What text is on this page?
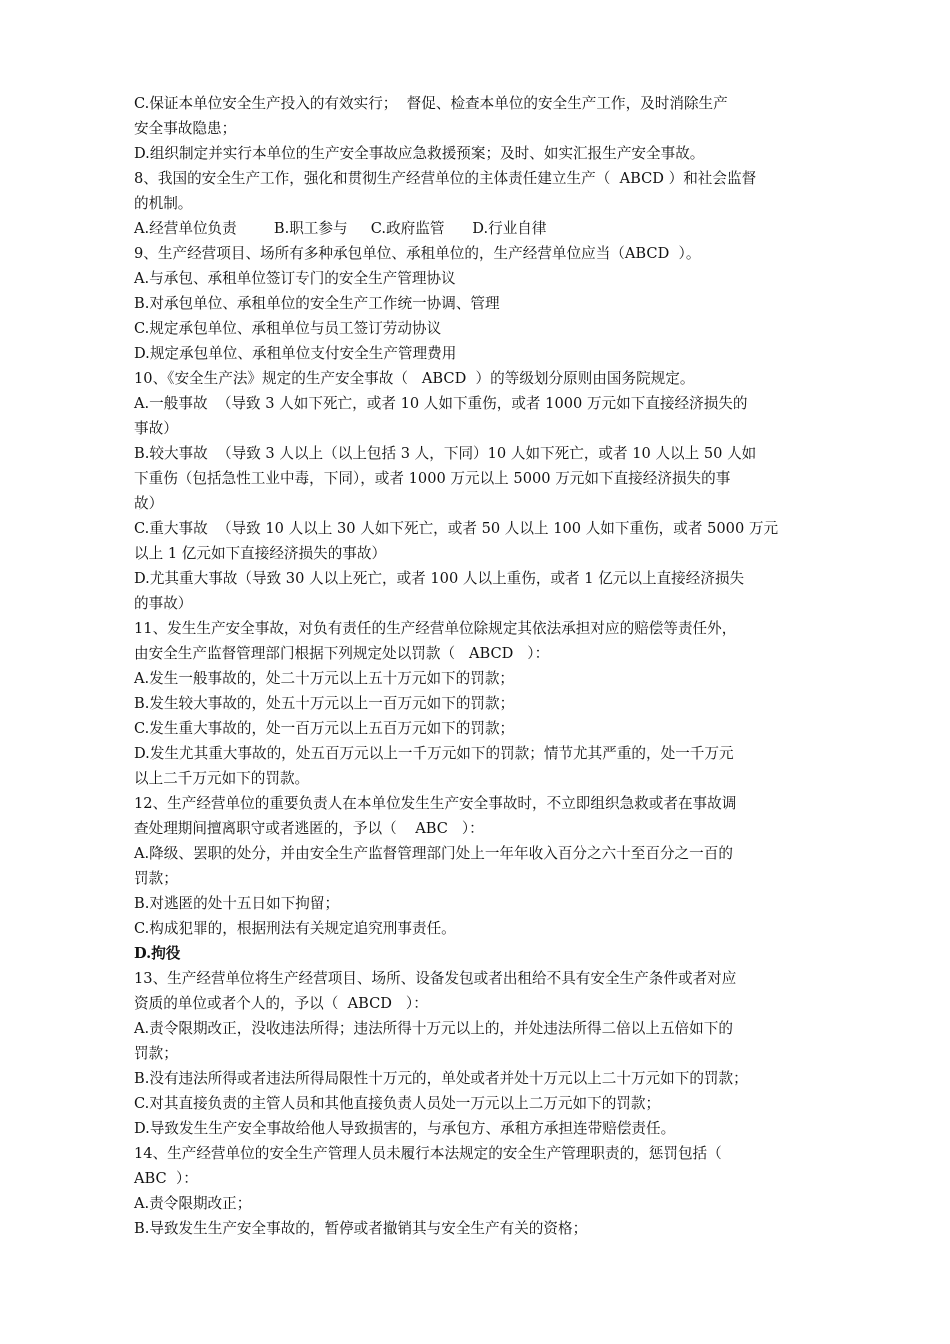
C.保证本单位安全生产投入的有效实行；  督促、检查本单位的安全生产工作，及时消除生产
安全事故隐患；
D.组织制定并实行本单位的生产安全事故应急救援预案；及时、如实汇报生产安全事故。
8、我国的安全生产工作，强化和贯彻生产经营单位的主体责任建立生产（  ABCD ）和社会监督
的机制。
A.经营单位负责        B.职工参与     C.政府监管      D.行业自律
9、生产经营项目、场所有多种承包单位、承租单位的，生产经营单位应当（ABCD  ）。
A.与承包、承租单位签订专门的安全生产管理协议
B.对承包单位、承租单位的安全生产工作统一协调、管理
C.规定承包单位、承租单位与员工签订劳动协议
D.规定承包单位、承租单位支付安全生产管理费用
10、《安全生产法》规定的生产安全事故（   ABCD  ）的等级划分原则由国务院规定。
A.一般事故  （导致 3 人如下死亡，或者 10 人如下重伤，或者 1000 万元如下直接经济损失的
事故）
B.较大事故  （导致 3 人以上（以上包括 3 人，下同）10 人如下死亡，或者 10 人以上 50 人如
下重伤（包括急性工业中毒，下同），或者 1000 万元以上 5000 万元如下直接经济损失的事
故）
C.重大事故  （导致 10 人以上 30 人如下死亡，或者 50 人以上 100 人如下重伤，或者 5000 万元
以上 1 亿元如下直接经济损失的事故）
D.尤其重大事故（导致 30 人以上死亡，或者 100 人以上重伤，或者 1 亿元以上直接经济损失
的事故）
11、发生生产安全事故，对负有责任的生产经营单位除规定其依法承担对应的赔偿等责任外，
由安全生产监督管理部门根据下列规定处以罚款（   ABCD   ）：
A.发生一般事故的，处二十万元以上五十万元如下的罚款；
B.发生较大事故的，处五十万元以上一百万元如下的罚款；
C.发生重大事故的，处一百万元以上五百万元如下的罚款；
D.发生尤其重大事故的，处五百万元以上一千万元如下的罚款；情节尤其严重的，处一千万元
以上二千万元如下的罚款。
12、生产经营单位的重要负责人在本单位发生生产安全事故时，不立即组织急救或者在事故调
查处理期间擅离职守或者逃匿的，予以（    ABC   ）：
A.降级、罢职的处分，并由安全生产监督管理部门处上一年年收入百分之六十至百分之一百的
罚款；
B.对逃匿的处十五日如下拘留；
C.构成犯罪的，根据刑法有关规定追究刑事责任。
D.拘役
13、生产经营单位将生产经营项目、场所、设备发包或者出租给不具有安全生产条件或者对应
资质的单位或者个人的，予以（  ABCD   ）：
A.责令限期改正，没收违法所得；违法所得十万元以上的，并处违法所得二倍以上五倍如下的
罚款；
B.没有违法所得或者违法所得局限性十万元的，单处或者并处十万元以上二十万元如下的罚款；
C.对其直接负责的主管人员和其他直接负责人员处一万元以上二万元如下的罚款；
D.导致发生生产安全事故给他人导致损害的，与承包方、承租方承担连带赔偿责任。
14、生产经营单位的安全生产管理人员未履行本法规定的安全生产管理职责的，惩罚包括（
ABC  ）：
A.责令限期改正；
B.导致发生生产安全事故的，暂停或者撤销其与安全生产有关的资格；
